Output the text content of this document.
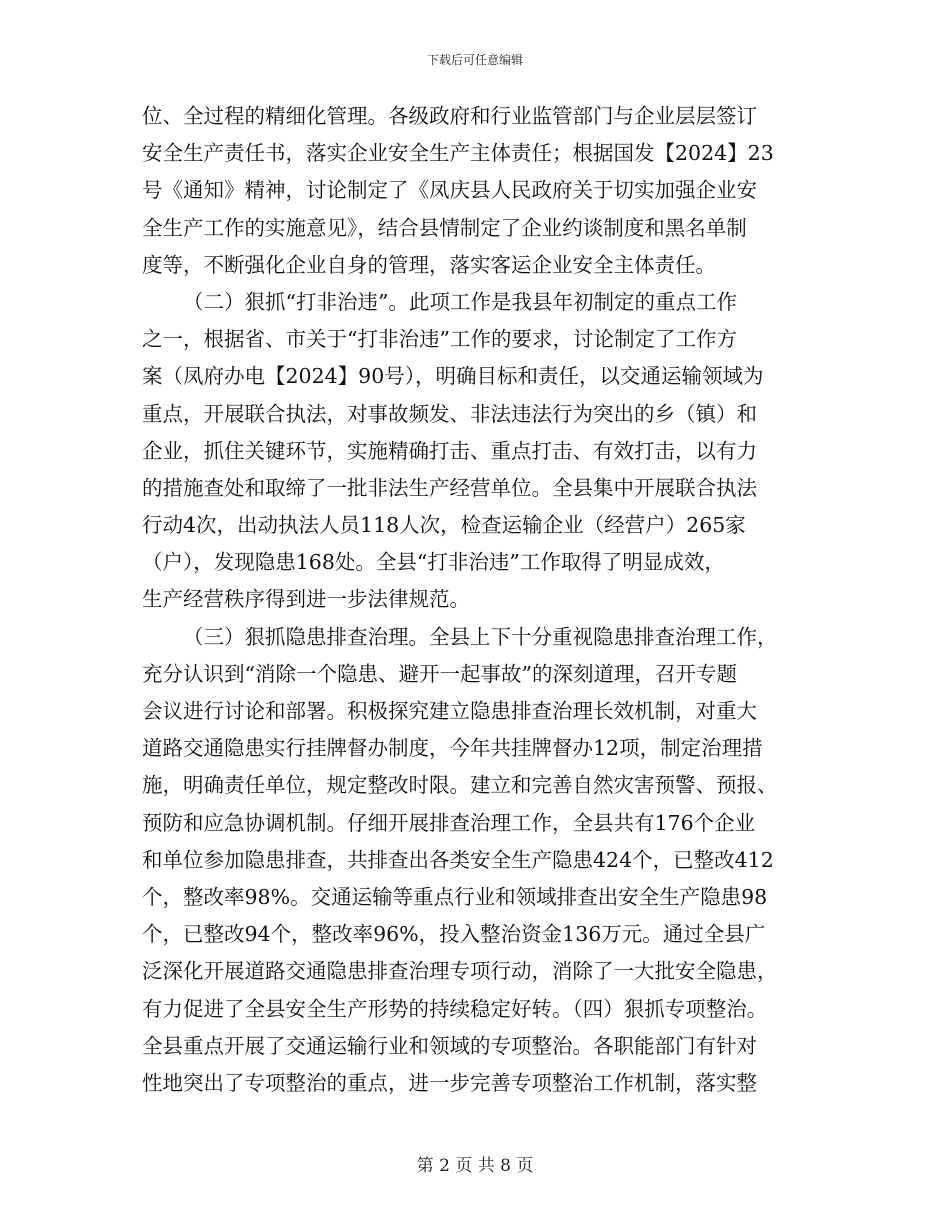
下载后可任意编辑
位、全过程的精细化管理。各级政府和行业监管部门与企业层层签订
安全生产责任书，落实企业安全生产主体责任；根据国发【2024】23
号《通知》精神，讨论制定了《凤庆县人民政府关于切实加强企业安
全生产工作的实施意见》，结合县情制定了企业约谈制度和黑名单制
度等，不断强化企业自身的管理，落实客运企业安全主体责任。
（二）狠抓“打非治违”。此项工作是我县年初制定的重点工作
之一，根据省、市关于“打非治违”工作的要求，讨论制定了工作方
案（凤府办电【2024】90号），明确目标和责任，以交通运输领域为
重点，开展联合执法，对事故频发、非法违法行为突出的乡（镇）和
企业，抓住关键环节，实施精确打击、重点打击、有效打击，以有力
的措施查处和取缔了一批非法生产经营单位。全县集中开展联合执法
行动4次，出动执法人员118人次，检查运输企业（经营户）265家
（户），发现隐患168处。全县“打非治违”工作取得了明显成效，
生产经营秩序得到进一步法律规范。
（三）狠抓隐患排查治理。全县上下十分重视隐患排查治理工作，
充分认识到“消除一个隐患、避开一起事故”的深刻道理，召开专题
会议进行讨论和部署。积极探究建立隐患排查治理长效机制，对重大
道路交通隐患实行挂牌督办制度，今年共挂牌督办12项，制定治理措
施，明确责任单位，规定整改时限。建立和完善自然灾害预警、预报、
预防和应急协调机制。仔细开展排查治理工作，全县共有176个企业
和单位参加隐患排查，共排查出各类安全生产隐患424个，已整改412
个，整改率98%。交通运输等重点行业和领域排查出安全生产隐患98
个，已整改94个，整改率96%，投入整治资金136万元。通过全县广
泛深化开展道路交通隐患排查治理专项行动，消除了一大批安全隐患，
有力促进了全县安全生产形势的持续稳定好转。（四）狠抓专项整治。
全县重点开展了交通运输行业和领域的专项整治。各职能部门有针对
性地突出了专项整治的重点，进一步完善专项整治工作机制，落实整
第 2 页 共 8 页
